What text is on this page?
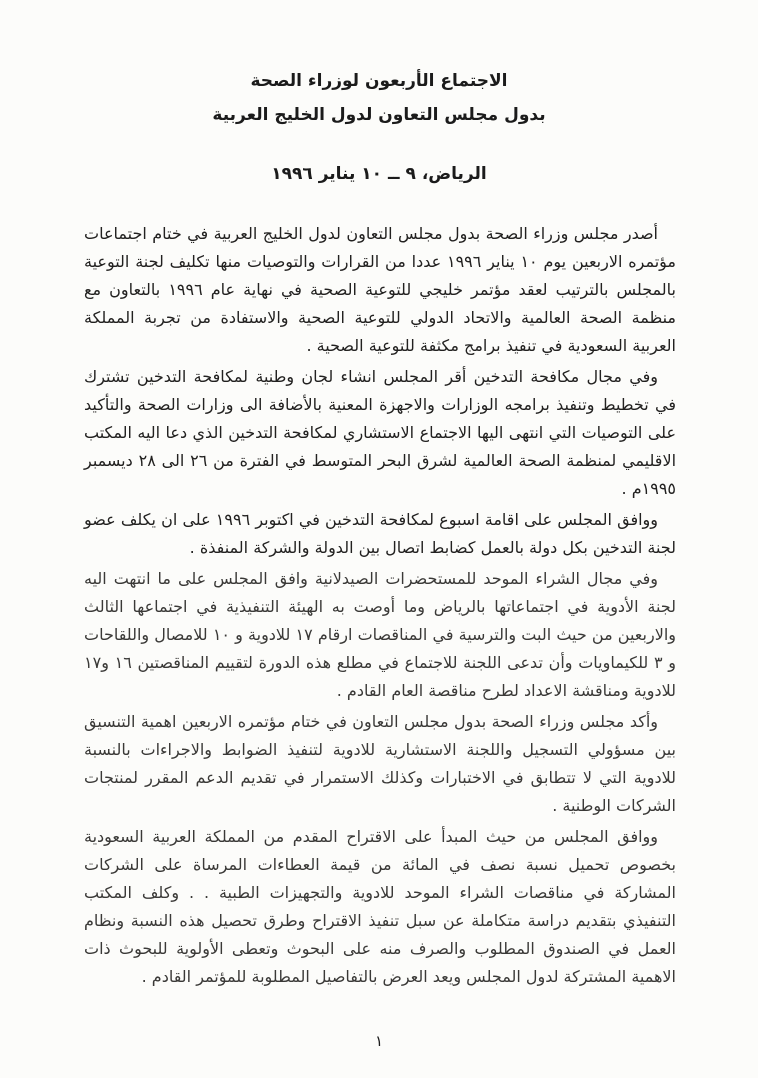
الاجتماع الأربعون لوزراء الصحة
بدول مجلس التعاون لدول الخليج العربية
الرياض، ٩ ــ ١٠ يناير ١٩٩٦

أصدر مجلس وزراء الصحة بدول مجلس التعاون لدول الخليج العربية في ختام اجتماعات مؤتمره الاربعين يوم ١٠ يناير ١٩٩٦ عددا من القرارات والتوصيات منها تكليف لجنة التوعية بالمجلس بالترتيب لعقد مؤتمر خليجي للتوعية الصحية في نهاية عام ١٩٩٦ بالتعاون مع منظمة الصحة العالمية والاتحاد الدولي للتوعية الصحية والاستفادة من تجربة المملكة العربية السعودية في تنفيذ برامج مكثفة للتوعية الصحية .

وفي مجال مكافحة التدخين أقر المجلس انشاء لجان وطنية لمكافحة التدخين تشترك في تخطيط وتنفيذ برامجه الوزارات والاجهزة المعنية بالأضافة الى وزارات الصحة والتأكيد على التوصيات التي انتهى اليها الاجتماع الاستشاري لمكافحة التدخين الذي دعا اليه المكتب الاقليمي لمنظمة الصحة العالمية لشرق البحر المتوسط في الفترة من ٢٦ الى ٢٨ ديسمبر ١٩٩٥م .

ووافق المجلس على اقامة اسبوع لمكافحة التدخين في اكتوبر ١٩٩٦ على ان يكلف عضو لجنة التدخين بكل دولة بالعمل كضابط اتصال بين الدولة والشركة المنفذة .

وفي مجال الشراء الموحد للمستحضرات الصيدلانية وافق المجلس على ما انتهت اليه لجنة الأدوية في اجتماعاتها بالرياض وما أوصت به الهيئة التنفيذية في اجتماعها الثالث والاربعين من حيث البت والترسية في المناقصات ارقام ١٧ للادوية و ١٠ للامصال واللقاحات و ٣ للكيماويات وأن تدعى اللجنة للاجتماع في مطلع هذه الدورة لتقييم المناقصتين ١٦ و١٧ للادوية ومناقشة الاعداد لطرح مناقصة العام القادم .

وأكد مجلس وزراء الصحة بدول مجلس التعاون في ختام مؤتمره الاربعين اهمية التنسيق بين مسؤولي التسجيل واللجنة الاستشارية للادوية لتنفيذ الضوابط والاجراءات بالنسبة للادوية التي لا تتطابق في الاختبارات وكذلك الاستمرار في تقديم الدعم المقرر لمنتجات الشركات الوطنية .

ووافق المجلس من حيث المبدأ على الاقتراح المقدم من المملكة العربية السعودية بخصوص تحميل نسبة نصف في المائة من قيمة العطاءات المرساة على الشركات المشاركة في مناقصات الشراء الموحد للادوية والتجهيزات الطبية . . وكلف المكتب التنفيذي بتقديم دراسة متكاملة عن سبل تنفيذ الاقتراح وطرق تحصيل هذه النسبة ونظام العمل في الصندوق المطلوب والصرف منه على البحوث وتعطى الأولوية للبحوث ذات الاهمية المشتركة لدول المجلس ويعد العرض بالتفاصيل المطلوبة للمؤتمر القادم .

١
